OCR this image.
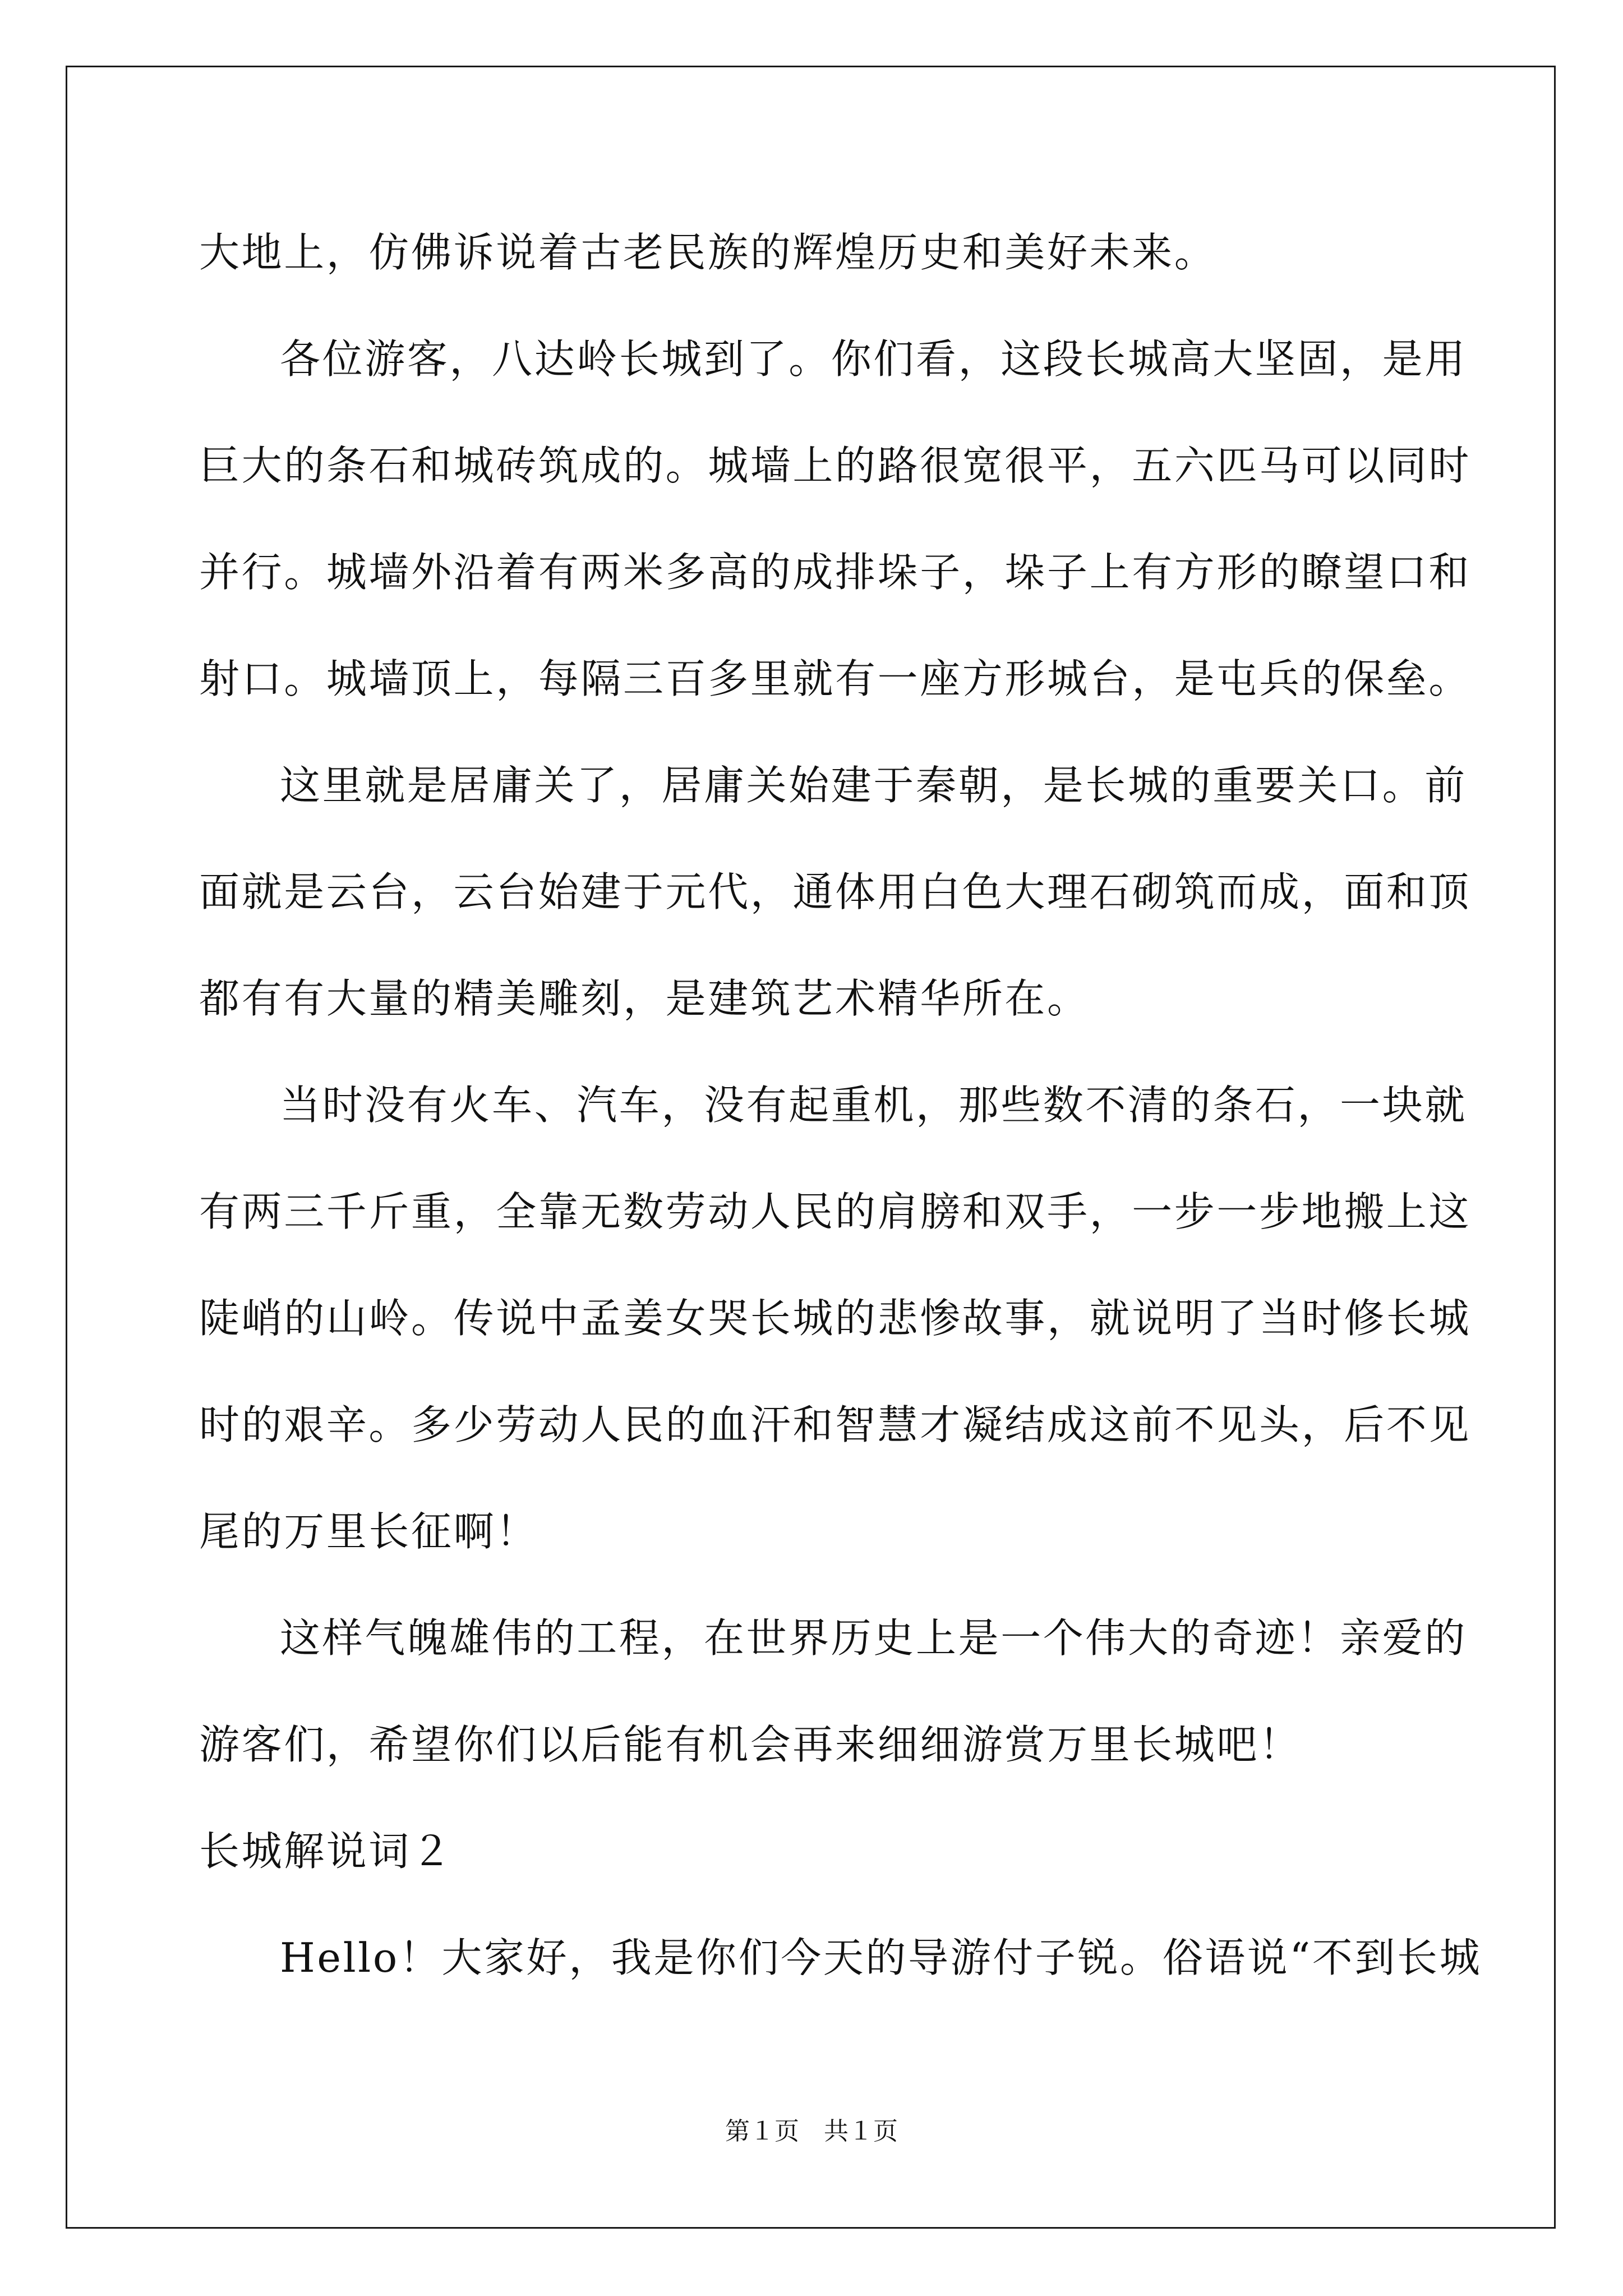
大地上，仿佛诉说着古老民族的辉煌历史和美好未来。
各位游客，八达岭长城到了。你们看，这段长城高大坚固，是用
巨大的条石和城砖筑成的。城墙上的路很宽很平，五六匹马可以同时
并行。城墙外沿着有两米多高的成排垛子，垛子上有方形的瞭望口和
射口。城墙顶上，每隔三百多里就有一座方形城台，是屯兵的保垒。
这里就是居庸关了，居庸关始建于秦朝，是长城的重要关口。前
面就是云台，云台始建于元代，通体用白色大理石砌筑而成，面和顶
都有有大量的精美雕刻，是建筑艺术精华所在。
当时没有火车、汽车，没有起重机，那些数不清的条石，一块就
有两三千斤重，全靠无数劳动人民的肩膀和双手，一步一步地搬上这
陡峭的山岭。传说中孟姜女哭长城的悲惨故事，就说明了当时修长城
时的艰辛。多少劳动人民的血汗和智慧才凝结成这前不见头，后不见
尾的万里长征啊！
这样气魄雄伟的工程，在世界历史上是一个伟大的奇迹！亲爱的
游客们，希望你们以后能有机会再来细细游赏万里长城吧！
长城解说词２
Hello！大家好，我是你们今天的导游付子锐。俗语说“不到长城
第１页　共１页
